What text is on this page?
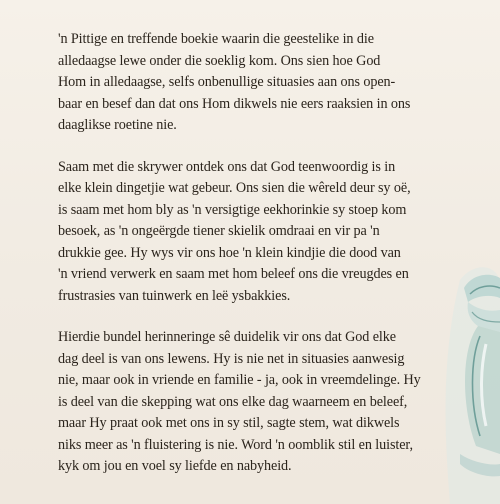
'n Pittige en treffende boekie waarin die geestelike in die
alledaagse lewe onder die soeklig kom. Ons sien hoe God
Hom in alledaagse, selfs onbenullige situasies aan ons open-
baar en besef dan dat ons Hom dikwels nie eers raaksien in ons
daaglikse roetine nie.

Saam met die skrywer ontdek ons dat God teenwoordig is in
elke klein dingetjie wat gebeur. Ons sien die wêreld deur sy oë,
is saam met hom bly as 'n versigtige eekhorinkie sy stoep kom
besoek, as 'n ongeërgde tiener skielik omdraai en vir pa 'n
drukkie gee. Hy wys vir ons hoe 'n klein kindjie die dood van
'n vriend verwerk en saam met hom beleef ons die vreugdes en
frustrasies van tuinwerk en leë ysbakkies.

Hierdie bundel herinneringe sê duidelik vir ons dat God elke
dag deel is van ons lewens. Hy is nie net in situasies aanwesig
nie, maar ook in vriende en familie - ja, ook in vreemdelinge. Hy
is deel van die skepping wat ons elke dag waarneem en beleef,
maar Hy praat ook met ons in sy stil, sagte stem, wat dikwels
niks meer as 'n fluistering is nie. Word 'n oomblik stil en luister,
kyk om jou en voel sy liefde en nabyheid.
